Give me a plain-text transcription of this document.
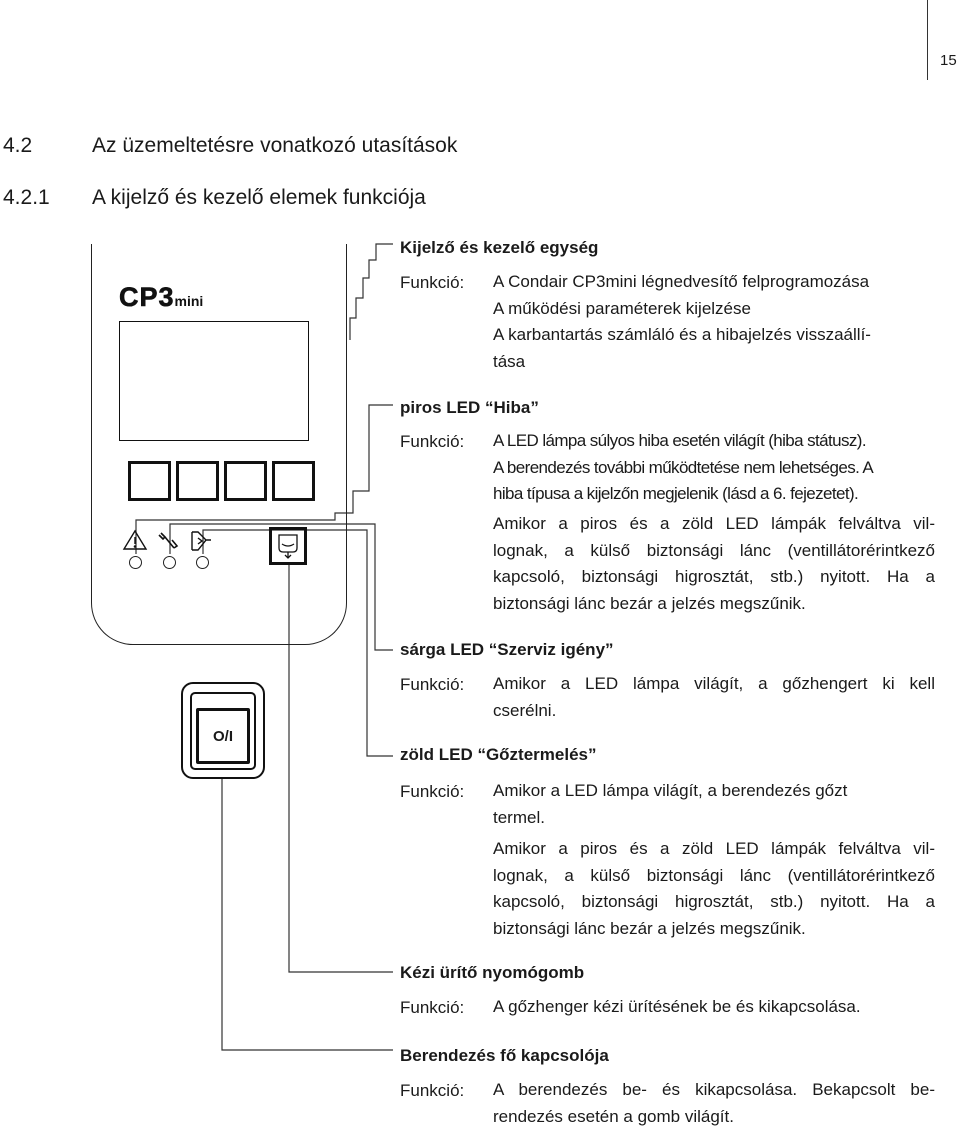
15
4.2	Az üzemeltetésre vonatkozó utasítások
4.2.1 A kijelző és kezelő elemek funkciója
CP3mini
O/I
Kijelző és kezelő egység
Funkció: A Condair CP3mini légnedvesítő felprogramozása
A működési paraméterek kijelzése
A karbantartás számláló és a hibajelzés visszaállí-
tása
piros LED “Hiba”
Funkció: A LED lámpa súlyos hiba esetén világít (hiba státusz).
A berendezés további működtetése nem lehetséges. A
hiba típusa a kijelzőn megjelenik (lásd a 6. fejezetet).
Amikor a piros és a zöld LED lámpák felváltva vil-
lognak, a külső biztonsági lánc (ventillátorérintkező
kapcsoló, biztonsági higrosztát, stb.) nyitott. Ha a
biztonsági lánc bezár a jelzés megszűnik.
sárga LED “Szerviz igény”
Funkció: Amikor a LED lámpa világít, a gőzhengert ki kell
cserélni.
zöld LED “Gőztermelés”
Funkció: Amikor a LED lámpa világít, a berendezés gőzt
termel.
Amikor a piros és a zöld LED lámpák felváltva vil-
lognak, a külső biztonsági lánc (ventillátorérintkező
kapcsoló, biztonsági higrosztát, stb.) nyitott. Ha a
biztonsági lánc bezár a jelzés megszűnik.
Kézi ürítő nyomógomb
Funkció: A gőzhenger kézi ürítésének be és kikapcsolása.
Berendezés fő kapcsolója
Funkció: A berendezés be- és kikapcsolása. Bekapcsolt be-
rendezés esetén a gomb világít.
